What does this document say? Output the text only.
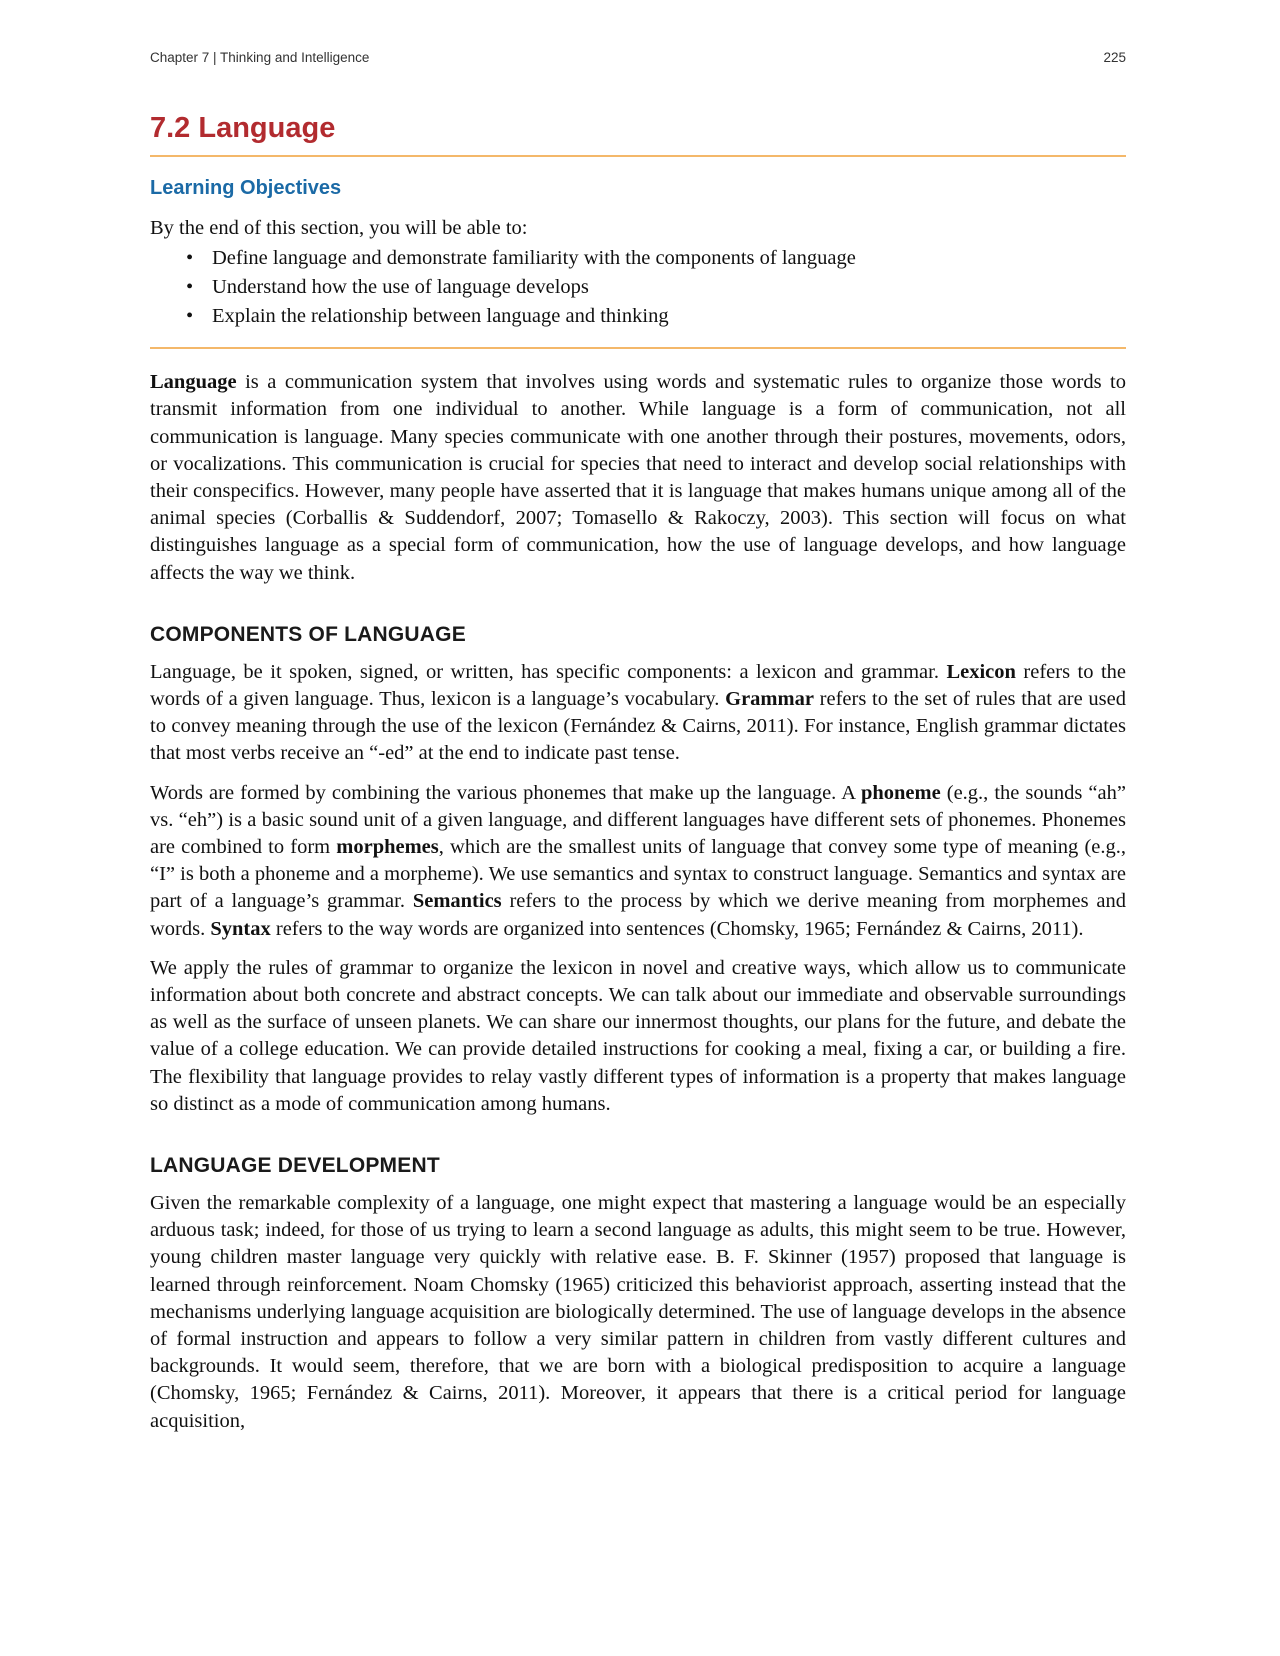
Chapter 7 | Thinking and Intelligence	225
7.2 Language
Learning Objectives

By the end of this section, you will be able to:

• Define language and demonstrate familiarity with the components of language
• Understand how the use of language develops
• Explain the relationship between language and thinking

Language is a communication system that involves using words and systematic rules to organize those words to transmit information from one individual to another. While language is a form of communication, not all communication is language. Many species communicate with one another through their postures, movements, odors, or vocalizations. This communication is crucial for species that need to interact and develop social relationships with their conspecifics. However, many people have asserted that it is language that makes humans unique among all of the animal species (Corballis & Suddendorf, 2007; Tomasello & Rakoczy, 2003). This section will focus on what distinguishes language as a special form of communication, how the use of language develops, and how language affects the way we think.

COMPONENTS OF LANGUAGE

Language, be it spoken, signed, or written, has specific components: a lexicon and grammar. Lexicon refers to the words of a given language. Thus, lexicon is a language’s vocabulary. Grammar refers to the set of rules that are used to convey meaning through the use of the lexicon (Fernández & Cairns, 2011). For instance, English grammar dictates that most verbs receive an “-ed” at the end to indicate past tense.

Words are formed by combining the various phonemes that make up the language. A phoneme (e.g., the sounds “ah” vs. “eh”) is a basic sound unit of a given language, and different languages have different sets of phonemes. Phonemes are combined to form morphemes, which are the smallest units of language that convey some type of meaning (e.g., “I” is both a phoneme and a morpheme). We use semantics and syntax to construct language. Semantics and syntax are part of a language’s grammar. Semantics refers to the process by which we derive meaning from morphemes and words. Syntax refers to the way words are organized into sentences (Chomsky, 1965; Fernández & Cairns, 2011).

We apply the rules of grammar to organize the lexicon in novel and creative ways, which allow us to communicate information about both concrete and abstract concepts. We can talk about our immediate and observable surroundings as well as the surface of unseen planets. We can share our innermost thoughts, our plans for the future, and debate the value of a college education. We can provide detailed instructions for cooking a meal, fixing a car, or building a fire. The flexibility that language provides to relay vastly different types of information is a property that makes language so distinct as a mode of communication among humans.

LANGUAGE DEVELOPMENT

Given the remarkable complexity of a language, one might expect that mastering a language would be an especially arduous task; indeed, for those of us trying to learn a second language as adults, this might seem to be true. However, young children master language very quickly with relative ease. B. F. Skinner (1957) proposed that language is learned through reinforcement. Noam Chomsky (1965) criticized this behaviorist approach, asserting instead that the mechanisms underlying language acquisition are biologically determined. The use of language develops in the absence of formal instruction and appears to follow a very similar pattern in children from vastly different cultures and backgrounds. It would seem, therefore, that we are born with a biological predisposition to acquire a language (Chomsky, 1965; Fernández & Cairns, 2011). Moreover, it appears that there is a critical period for language acquisition,
